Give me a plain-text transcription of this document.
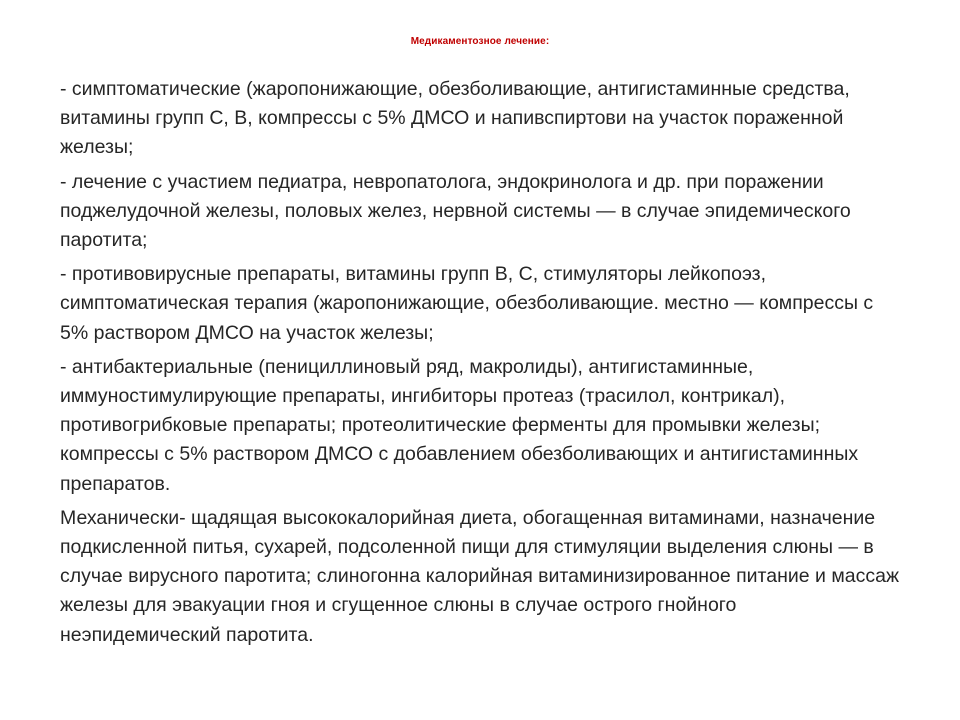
Медикаментозное лечение:

- симптоматические (жаропонижающие, обезболивающие, антигистаминные средства, витамины групп С, В, компрессы с 5% ДМСО и напивспиртови на участок пораженной железы;

- лечение с участием педиатра, невропатолога, эндокринолога и др. при поражении поджелудочной железы, половых желез, нервной системы — в случае эпидемического паротита;

- противовирусные препараты, витамины групп В, С, стимуляторы лейкопоэз, симптоматическая терапия (жаропонижающие, обезболивающие. местно — компрессы с 5% раствором ДМСО на участок железы;

- антибактериальные (пенициллиновый ряд, макролиды), антигистаминные, иммуностимулирующие препараты, ингибиторы протеаз (трасилол, контрикал), противогрибковые препараты; протеолитические ферменты для промывки железы; компрессы с 5% раствором ДМСО с добавлением обезболивающих и антигистаминных препаратов.

Механически- щадящая высококалорийная диета, обогащенная витаминами, назначение подкисленной питья, сухарей, подсоленной пищи для стимуляции выделения слюны — в случае вирусного паротита; слиногонна калорийная витаминизированное питание и массаж железы для эвакуации гноя и сгущенное слюны в случае острого гнойного неэпидемический паротита.
